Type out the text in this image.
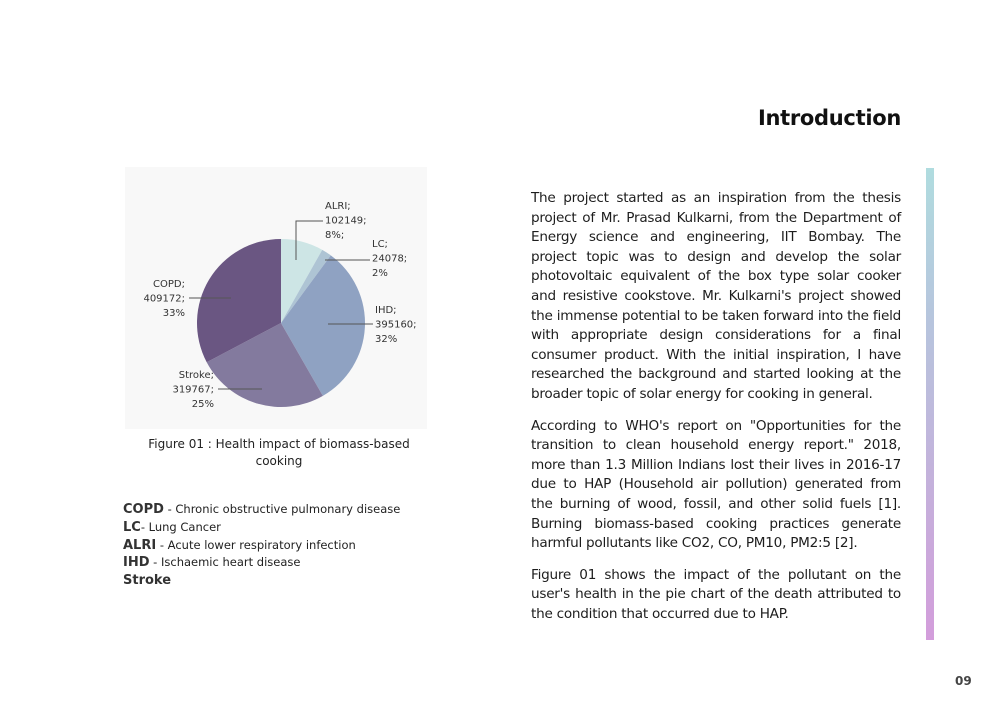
Introduction
ALRI; 102149; 8%;
LC; 24078; 2%
IHD; 395160; 32%
Stroke; 319767; 25%
COPD; 409172; 33%
Figure 01 : Health impact of biomass-based cooking
COPD - Chronic obstructive pulmonary disease
LC- Lung Cancer
ALRI - Acute lower respiratory infection
IHD - Ischaemic heart disease
Stroke

The project started as an inspiration from the thesis project of Mr. Prasad Kulkarni, from the Department of Energy science and engineering, IIT Bombay. The project topic was to design and develop the solar photovoltaic equivalent of the box type solar cooker and resistive cookstove. Mr. Kulkarni's project showed the immense potential to be taken forward into the field with appropriate design considerations for a final consumer product. With the initial inspiration, I have researched the background and started looking at the broader topic of solar energy for cooking in general.

According to WHO's report on "Opportunities for the transition to clean household energy report." 2018, more than 1.3 Million Indians lost their lives in 2016-17 due to HAP (Household air pollution) generated from the burning of wood, fossil, and other solid fuels [1]. Burning biomass-based cooking practices generate harmful pollutants like CO2, CO, PM10, PM2:5 [2].

Figure 01 shows the impact of the pollutant on the user's health in the pie chart of the death attributed to the condition that occurred due to HAP.

09
